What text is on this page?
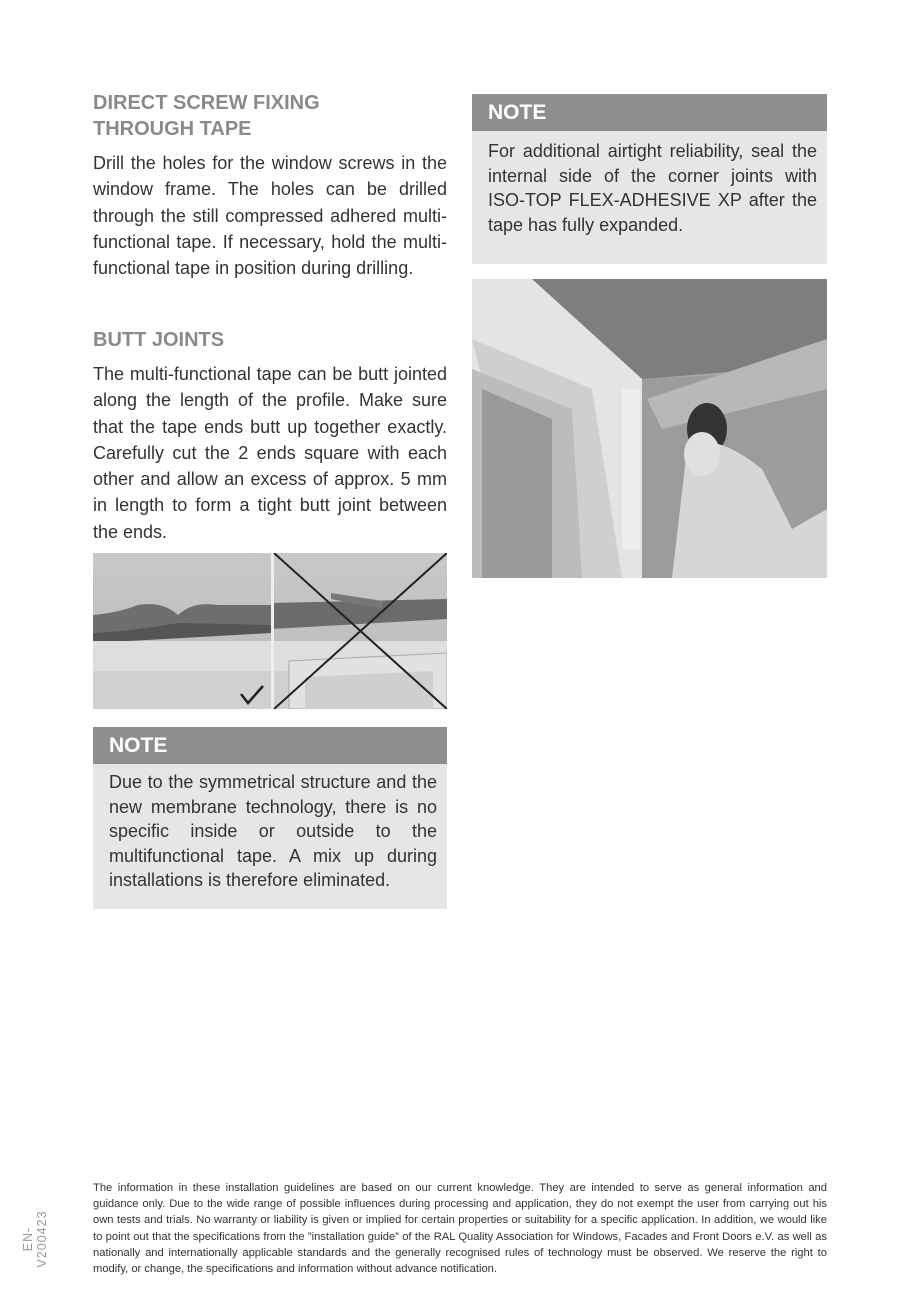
DIRECT SCREW FIXING
THROUGH TAPE

Drill the holes for the window screws in the window frame. The holes can be drilled through the still compressed adhered multi-functional tape. If necessary, hold the multi-functional tape in position during drilling.

BUTT JOINTS

The multi-functional tape can be butt jointed along the length of the profile. Make sure that the tape ends butt up together exactly. Carefully cut the 2 ends square with each other and allow an excess of approx. 5 mm in length to form a tight butt joint between the ends.

NOTE
Due to the symmetrical structure and the new membrane technology, there is no specific inside or outside to the multifunctional tape. A mix up during installations is therefore eliminated.
NOTE
For additional airtight reliability, seal the internal side of the corner joints with ISO-TOP FLEX-ADHESIVE XP after the tape has fully expanded.
EN-V200423

The information in these installation guidelines are based on our current knowledge. They are intended to serve as general information and guidance only. Due to the wide range of possible influences during processing and application, they do not exempt the user from carrying out his own tests and trials. No warranty or liability is given or implied for certain properties or suitability for a specific application. In addition, we would like to point out that the specifications from the ”installation guide” of the RAL Quality Association for Windows, Facades and Front Doors e.V. as well as nationally and internationally applicable standards and the generally recognised rules of technology must be observed. We reserve the right to modify, or change, the specifications and information without advance notification.
